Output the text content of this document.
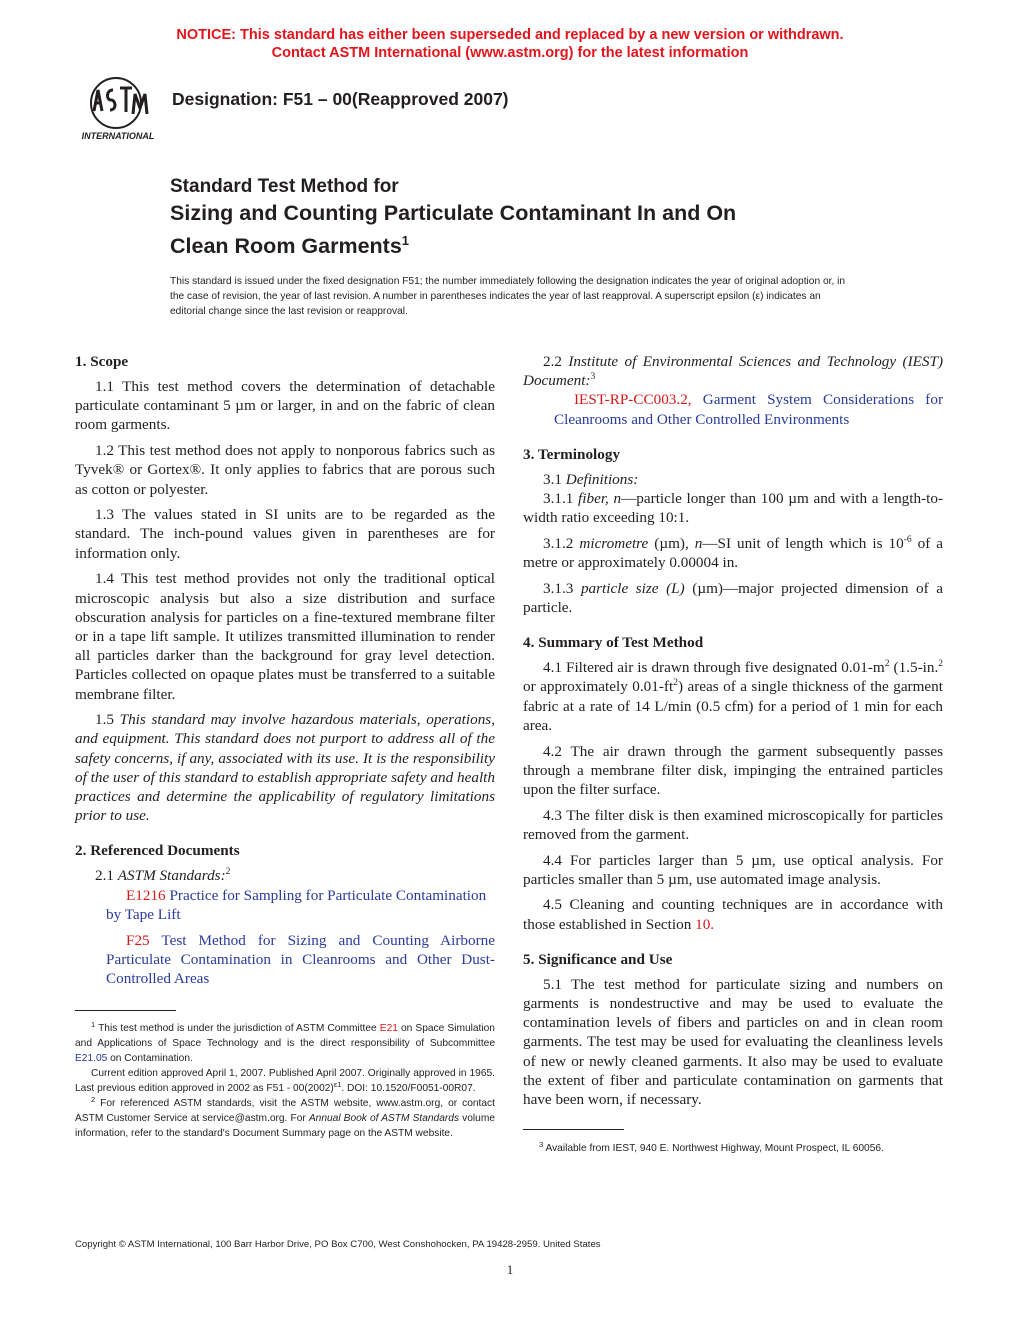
NOTICE: This standard has either been superseded and replaced by a new version or withdrawn.
Contact ASTM International (www.astm.org) for the latest information
INTERNATIONAL
Designation: F51 – 00(Reapproved 2007)
Standard Test Method for
Sizing and Counting Particulate Contaminant In and On
Clean Room Garments$^1$
This standard is issued under the fixed designation F51; the number immediately following the designation indicates the year of original adoption or, in the case of revision, the year of last revision. A number in parentheses indicates the year of last reapproval. A superscript epsilon (ε) indicates an editorial change since the last revision or reapproval.
1. Scope

1.1 This test method covers the determination of detachable particulate contaminant 5 µm or larger, in and on the fabric of clean room garments.

1.2 This test method does not apply to nonporous fabrics such as Tyvek® or Gortex®. It only applies to fabrics that are porous such as cotton or polyester.

1.3 The values stated in SI units are to be regarded as the standard. The inch-pound values given in parentheses are for information only.

1.4 This test method provides not only the traditional optical microscopic analysis but also a size distribution and surface obscuration analysis for particles on a fine-textured membrane filter or in a tape lift sample. It utilizes transmitted illumination to render all particles darker than the background for gray level detection. Particles collected on opaque plates must be transferred to a suitable membrane filter.

1.5 This standard may involve hazardous materials, operations, and equipment. This standard does not purport to address all of the safety concerns, if any, associated with its use. It is the responsibility of the user of this standard to establish appropriate safety and health practices and determine the applicability of regulatory limitations prior to use.

2. Referenced Documents

2.1 ASTM Standards:$^2$

E1216 Practice for Sampling for Particulate Contamination by Tape Lift

F25 Test Method for Sizing and Counting Airborne Particulate Contamination in Cleanrooms and Other Dust-Controlled Areas

$^1$ This test method is under the jurisdiction of ASTM Committee E21 on Space Simulation and Applications of Space Technology and is the direct responsibility of Subcommittee E21.05 on Contamination.

Current edition approved April 1, 2007. Published April 2007. Originally approved in 1965. Last previous edition approved in 2002 as $F51 - 00(2002)^{\varepsilon 1}$. DOI: 10.1520/F0051-00R07.

$^2$ For referenced ASTM standards, visit the ASTM website, www.astm.org, or contact ASTM Customer Service at service@astm.org. For Annual Book of ASTM Standards volume information, refer to the standard's Document Summary page on the ASTM website.

2.2 Institute of Environmental Sciences and Technology (IEST) Document:$^3$

IEST-RP-CC003.2, Garment System Considerations for Cleanrooms and Other Controlled Environments

3. Terminology

3.1 Definitions:

3.1.1 fiber, n—particle longer than 100 µm and with a length-to-width ratio exceeding 10:1.

3.1.2 micrometre (µm), n—SI unit of length which is $10^{-6}$ of a metre or approximately 0.00004 in.

3.1.3 particle size (L) (µm)—major projected dimension of a particle.

4. Summary of Test Method

4.1 Filtered air is drawn through five designated $0.01-m^2$ (1.5-in.$^2$ or approximately $0.01-ft^2$) areas of a single thickness of the garment fabric at a rate of 14 L/min (0.5 cfm) for a period of 1 min for each area.

4.2 The air drawn through the garment subsequently passes through a membrane filter disk, impinging the entrained particles upon the filter surface.

4.3 The filter disk is then examined microscopically for particles removed from the garment.

4.4 For particles larger than 5 µm, use optical analysis. For particles smaller than 5 µm, use automated image analysis.

4.5 Cleaning and counting techniques are in accordance with those established in Section 10.

5. Significance and Use

5.1 The test method for particulate sizing and numbers on garments is nondestructive and may be used to evaluate the contamination levels of fibers and particles on and in clean room garments. The test may be used for evaluating the cleanliness levels of new or newly cleaned garments. It also may be used to evaluate the extent of fiber and particulate contamination on garments that have been worn, if necessary.

$^3$ Available from IEST, 940 E. Northwest Highway, Mount Prospect, IL 60056.

Copyright © ASTM International, 100 Barr Harbor Drive, PO Box C700, West Conshohocken, PA 19428-2959. United States
1
